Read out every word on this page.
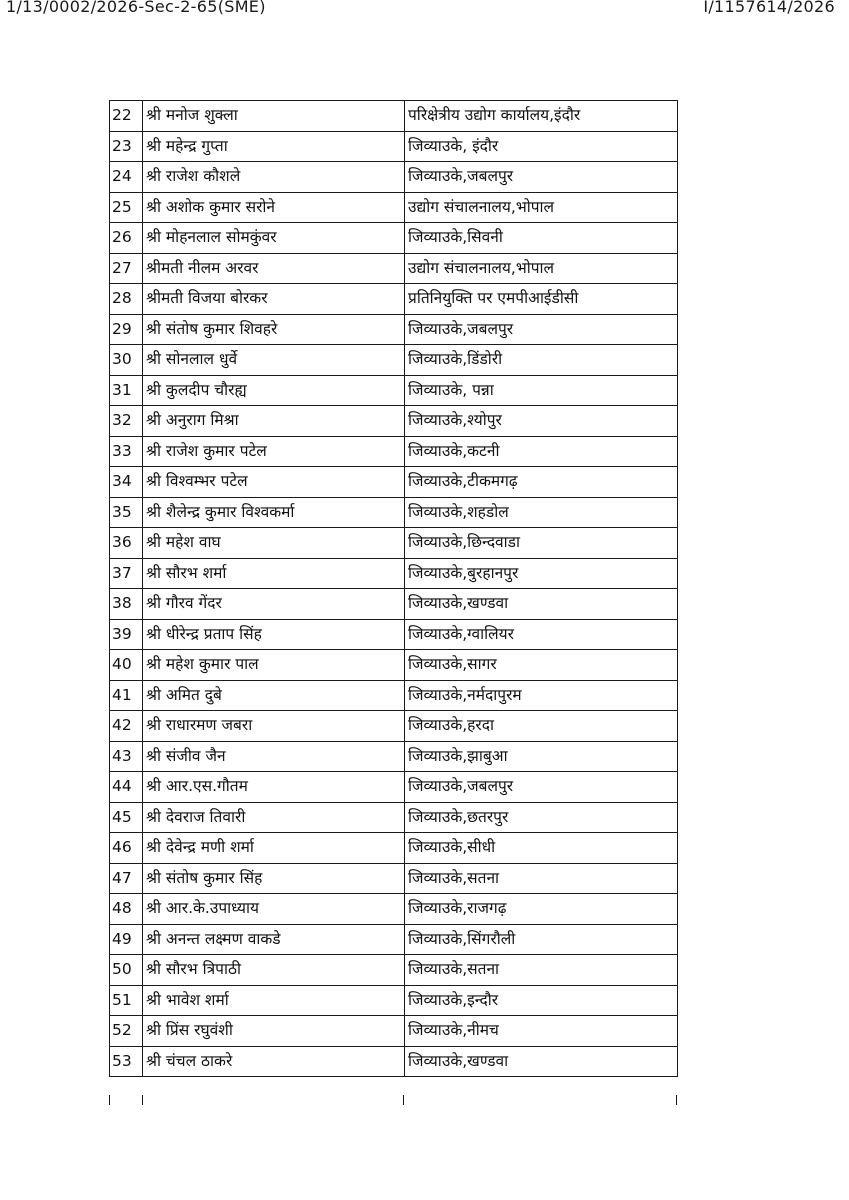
1/13/0002/2026-Sec-2-65(SME)	I/1157614/2026
22	श्री मनोज शुक्ला	परिक्षेत्रीय उद्योग कार्यालय,इंदौर
23	श्री महेन्द्र गुप्ता	जिव्याउके, इंदौर
24	श्री राजेश कौशले	जिव्याउके,जबलपुर
25	श्री अशोक कुमार सरोने	उद्योग संचालनालय,भोपाल
26	श्री मोहनलाल सोमकुंवर	जिव्याउके,सिवनी
27	श्रीमती नीलम अरवर	उद्योग संचालनालय,भोपाल
28	श्रीमती विजया बोरकर	प्रतिनियुक्ति पर एमपीआईडीसी
29	श्री संतोष कुमार शिवहरे	जिव्याउके,जबलपुर
30	श्री सोनलाल धुर्वे	जिव्याउके,डिंडोरी
31	श्री कुलदीप चौरह्य	जिव्याउके, पन्ना
32	श्री अनुराग मिश्रा	जिव्याउके,श्योपुर
33	श्री राजेश कुमार पटेल	जिव्याउके,कटनी
34	श्री विश्वम्भर पटेल	जिव्याउके,टीकमगढ़
35	श्री शैलेन्द्र कुमार विश्वकर्मा	जिव्याउके,शहडोल
36	श्री महेश वाघ	जिव्याउके,छिन्दवाडा
37	श्री सौरभ शर्मा	जिव्याउके,बुरहानपुर
38	श्री गौरव गेंदर	जिव्याउके,खण्डवा
39	श्री धीरेन्द्र प्रताप सिंह	जिव्याउके,ग्वालियर
40	श्री महेश कुमार पाल	जिव्याउके,सागर
41	श्री अमित दुबे	जिव्याउके,नर्मदापुरम
42	श्री राधारमण जबरा	जिव्याउके,हरदा
43	श्री संजीव जैन	जिव्याउके,झाबुआ
44	श्री आर.एस.गौतम	जिव्याउके,जबलपुर
45	श्री देवराज तिवारी	जिव्याउके,छतरपुर
46	श्री देवेन्द्र मणी शर्मा	जिव्याउके,सीधी
47	श्री संतोष कुमार सिंह	जिव्याउके,सतना
48	श्री आर.के.उपाध्याय	जिव्याउके,राजगढ़
49	श्री अनन्त लक्ष्मण वाकडे	जिव्याउके,सिंगरौली
50	श्री सौरभ त्रिपाठी	जिव्याउके,सतना
51	श्री भावेश शर्मा	जिव्याउके,इन्दौर
52	श्री प्रिंस रघुवंशी	जिव्याउके,नीमच
53	श्री चंचल ठाकरे	जिव्याउके,खण्डवा
